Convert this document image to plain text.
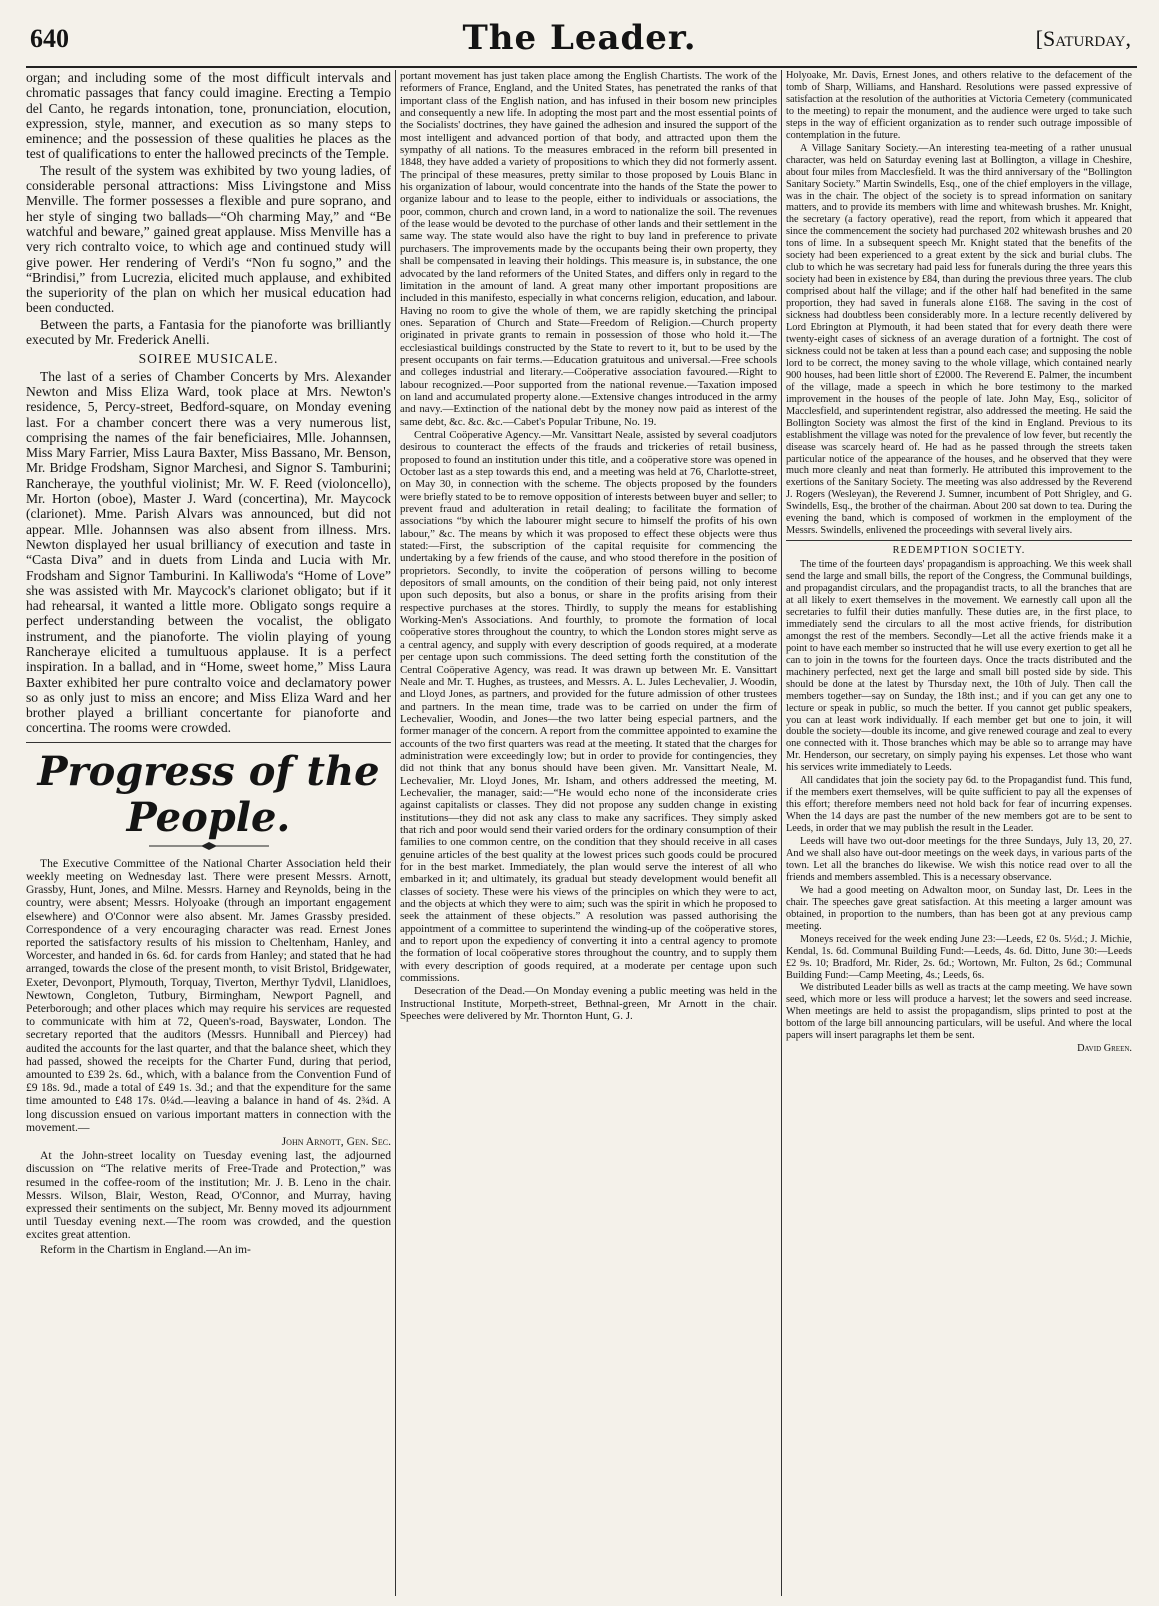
640	The Leader.	[Saturday,

organ; and including some of the most difficult intervals and chromatic passages that fancy could imagine. Erecting a Tempio del Canto, he regards intonation, tone, pronunciation, elocution, expression, style, manner, and execution as so many steps to eminence; and the possession of these qualities he places as the test of qualifications to enter the hallowed precincts of the Temple.

The result of the system was exhibited by two young ladies, of considerable personal attractions: Miss Livingstone and Miss Menville. The former possesses a flexible and pure soprano, and her style of singing two ballads—“Oh charming May,” and “Be watchful and beware,” gained great applause. Miss Menville has a very rich contralto voice, to which age and continued study will give power. Her rendering of Verdi's “Non fu sogno,” and the “Brindisi,” from Lucrezia, elicited much applause, and exhibited the superiority of the plan on which her musical education had been conducted.

Between the parts, a Fantasia for the pianoforte was brilliantly executed by Mr. Frederick Anelli.

SOIREE MUSICALE.

The last of a series of Chamber Concerts by Mrs. Alexander Newton and Miss Eliza Ward, took place at Mrs. Newton's residence, 5, Percy-street, Bedford-square, on Monday evening last. For a chamber concert there was a very numerous list, comprising the names of the fair beneficiaires, Mlle. Johannsen, Miss Mary Farrier, Miss Laura Baxter, Miss Bassano, Mr. Benson, Mr. Bridge Frodsham, Signor Marchesi, and Signor S. Tamburini; Rancheraye, the youthful violinist; Mr. W. F. Reed (violoncello), Mr. Horton (oboe), Master J. Ward (concertina), Mr. Maycock (clarionet). Mme. Parish Alvars was announced, but did not appear. Mlle. Johannsen was also absent from illness. Mrs. Newton displayed her usual brilliancy of execution and taste in “Casta Diva” and in duets from Linda and Lucia with Mr. Frodsham and Signor Tamburini. In Kalliwoda's “Home of Love” she was assisted with Mr. Maycock's clarionet obligato; but if it had rehearsal, it wanted a little more. Obligato songs require a perfect understanding between the vocalist, the obligato instrument, and the pianoforte. The violin playing of young Rancheraye elicited a tumultuous applause. It is a perfect inspiration. In a ballad, and in “Home, sweet home,” Miss Laura Baxter exhibited her pure contralto voice and declamatory power so as only just to miss an encore; and Miss Eliza Ward and her brother played a brilliant concertante for pianoforte and concertina. The rooms were crowded.

Progress of the People.

The Executive Committee of the National Charter Association held their weekly meeting on Wednesday last. There were present Messrs. Arnott, Grassby, Hunt, Jones, and Milne. Messrs. Harney and Reynolds, being in the country, were absent; Messrs. Holyoake (through an important engagement elsewhere) and O'Connor were also absent. Mr. James Grassby presided. Correspondence of a very encouraging character was read. Ernest Jones reported the satisfactory results of his mission to Cheltenham, Hanley, and Worcester, and handed in 6s. 6d. for cards from Hanley; and stated that he had arranged, towards the close of the present month, to visit Bristol, Bridgewater, Exeter, Devonport, Plymouth, Torquay, Tiverton, Merthyr Tydvil, Llanidloes, Newtown, Congleton, Tutbury, Birmingham, Newport Pagnell, and Peterborough; and other places which may require his services are requested to communicate with him at 72, Queen's-road, Bayswater, London. The secretary reported that the auditors (Messrs. Hunniball and Piercey) had audited the accounts for the last quarter, and that the balance sheet, which they had passed, showed the receipts for the Charter Fund, during that period, amounted to £39 2s. 6d., which, with a balance from the Convention Fund of £9 18s. 9d., made a total of £49 1s. 3d.; and that the expenditure for the same time amounted to £48 17s. 0¼d.—leaving a balance in hand of 4s. 2¾d. A long discussion ensued on various important matters in connection with the movement.—

John Arnott, Gen. Sec.

At the John-street locality on Tuesday evening last, the adjourned discussion on “The relative merits of Free-Trade and Protection,” was resumed in the coffee-room of the institution; Mr. J. B. Leno in the chair. Messrs. Wilson, Blair, Weston, Read, O'Connor, and Murray, having expressed their sentiments on the subject, Mr. Benny moved its adjournment until Tuesday evening next.—The room was crowded, and the question excites great attention.

Reform in the Chartism in England.—An im-

portant movement has just taken place among the English Chartists. The work of the reformers of France, England, and the United States, has penetrated the ranks of that important class of the English nation, and has infused in their bosom new principles and consequently a new life. In adopting the most part and the most essential points of the Socialists' doctrines, they have gained the adhesion and insured the support of the most intelligent and advanced portion of that body, and attracted upon them the sympathy of all nations. To the measures embraced in the reform bill presented in 1848, they have added a variety of propositions to which they did not formerly assent. The principal of these measures, pretty similar to those proposed by Louis Blanc in his organization of labour, would concentrate into the hands of the State the power to organize labour and to lease to the people, either to individuals or associations, the poor, common, church and crown land, in a word to nationalize the soil. The revenues of the lease would be devoted to the purchase of other lands and their settlement in the same way. The state would also have the right to buy land in preference to private purchasers. The improvements made by the occupants being their own property, they shall be compensated in leaving their holdings. This measure is, in substance, the one advocated by the land reformers of the United States, and differs only in regard to the limitation in the amount of land. A great many other important propositions are included in this manifesto, especially in what concerns religion, education, and labour. Having no room to give the whole of them, we are rapidly sketching the principal ones. Separation of Church and State—Freedom of Religion.—Church property originated in private grants to remain in possession of those who hold it.—The ecclesiastical buildings constructed by the State to revert to it, but to be used by the present occupants on fair terms.—Education gratuitous and universal.—Free schools and colleges industrial and literary.—Coöperative association favoured.—Right to labour recognized.—Poor supported from the national revenue.—Taxation imposed on land and accumulated property alone.—Extensive changes introduced in the army and navy.—Extinction of the national debt by the money now paid as interest of the same debt, &c. &c. &c.—Cabet's Popular Tribune, No. 19.

Central Coöperative Agency.—Mr. Vansittart Neale, assisted by several coadjutors desirous to counteract the effects of the frauds and trickeries of retail business, proposed to found an institution under this title, and a coöperative store was opened in October last as a step towards this end, and a meeting was held at 76, Charlotte-street, on May 30, in connection with the scheme. The objects proposed by the founders were briefly stated to be to remove opposition of interests between buyer and seller; to prevent fraud and adulteration in retail dealing; to facilitate the formation of associations “by which the labourer might secure to himself the profits of his own labour,” &c. The means by which it was proposed to effect these objects were thus stated:—First, the subscription of the capital requisite for commencing the undertaking by a few friends of the cause, and who stood therefore in the position of proprietors. Secondly, to invite the coöperation of persons willing to become depositors of small amounts, on the condition of their being paid, not only interest upon such deposits, but also a bonus, or share in the profits arising from their respective purchases at the stores. Thirdly, to supply the means for establishing Working-Men's Associations. And fourthly, to promote the formation of local coöperative stores throughout the country, to which the London stores might serve as a central agency, and supply with every description of goods required, at a moderate per centage upon such commissions. The deed setting forth the constitution of the Central Coöperative Agency, was read. It was drawn up between Mr. E. Vansittart Neale and Mr. T. Hughes, as trustees, and Messrs. A. L. Jules Lechevalier, J. Woodin, and Lloyd Jones, as partners, and provided for the future admission of other trustees and partners. In the mean time, trade was to be carried on under the firm of Lechevalier, Woodin, and Jones—the two latter being especial partners, and the former manager of the concern. A report from the committee appointed to examine the accounts of the two first quarters was read at the meeting. It stated that the charges for administration were exceedingly low; but in order to provide for contingencies, they did not think that any bonus should have been given. Mr. Vansittart Neale, M. Lechevalier, Mr. Lloyd Jones, Mr. Isham, and others addressed the meeting, M. Lechevalier, the manager, said:—“He would echo none of the inconsiderate cries against capitalists or classes. They did not propose any sudden change in existing institutions—they did not ask any class to make any sacrifices. They simply asked that rich and poor would send their varied orders for the ordinary consumption of their families to one common centre, on the condition that they should receive in all cases genuine articles of the best quality at the lowest prices such goods could be procured for in the best market. Immediately, the plan would serve the interest of all who embarked in it; and ultimately, its gradual but steady development would benefit all classes of society. These were his views of the principles on which they were to act, and the objects at which they were to aim; such was the spirit in which he proposed to seek the attainment of these objects.” A resolution was passed authorising the appointment of a committee to superintend the winding-up of the coöperative stores, and to report upon the expediency of converting it into a central agency to promote the formation of local coöperative stores throughout the country, and to supply them with every description of goods required, at a moderate per centage upon such commissions.

Desecration of the Dead.—On Monday evening a public meeting was held in the Instructional Institute, Morpeth-street, Bethnal-green, Mr Arnott in the chair. Speeches were delivered by Mr. Thornton Hunt, G. J.

Holyoake, Mr. Davis, Ernest Jones, and others relative to the defacement of the tomb of Sharp, Williams, and Hanshard. Resolutions were passed expressive of satisfaction at the resolution of the authorities at Victoria Cemetery (communicated to the meeting) to repair the monument, and the audience were urged to take such steps in the way of efficient organization as to render such outrage impossible of contemplation in the future.

A Village Sanitary Society.—An interesting tea-meeting of a rather unusual character, was held on Saturday evening last at Bollington, a village in Cheshire, about four miles from Macclesfield. It was the third anniversary of the “Bollington Sanitary Society.” Martin Swindells, Esq., one of the chief employers in the village, was in the chair. The object of the society is to spread information on sanitary matters, and to provide its members with lime and whitewash brushes. Mr. Knight, the secretary (a factory operative), read the report, from which it appeared that since the commencement the society had purchased 202 whitewash brushes and 20 tons of lime. In a subsequent speech Mr. Knight stated that the benefits of the society had been experienced to a great extent by the sick and burial clubs. The club to which he was secretary had paid less for funerals during the three years this society had been in existence by £84, than during the previous three years. The club comprised about half the village; and if the other half had benefited in the same proportion, they had saved in funerals alone £168. The saving in the cost of sickness had doubtless been considerably more. In a lecture recently delivered by Lord Ebrington at Plymouth, it had been stated that for every death there were twenty-eight cases of sickness of an average duration of a fortnight. The cost of sickness could not be taken at less than a pound each case; and supposing the noble lord to be correct, the money saving to the whole village, which contained nearly 900 houses, had been little short of £2000. The Reverend E. Palmer, the incumbent of the village, made a speech in which he bore testimony to the marked improvement in the houses of the people of late. John May, Esq., solicitor of Macclesfield, and superintendent registrar, also addressed the meeting. He said the Bollington Society was almost the first of the kind in England. Previous to its establishment the village was noted for the prevalence of low fever, but recently the disease was scarcely heard of. He had as he passed through the streets taken particular notice of the appearance of the houses, and he observed that they were much more cleanly and neat than formerly. He attributed this improvement to the exertions of the Sanitary Society. The meeting was also addressed by the Reverend J. Rogers (Wesleyan), the Reverend J. Sumner, incumbent of Pott Shrigley, and G. Swindells, Esq., the brother of the chairman. About 200 sat down to tea. During the evening the band, which is composed of workmen in the employment of the Messrs. Swindells, enlivened the proceedings with several lively airs.

REDEMPTION SOCIETY.

The time of the fourteen days' propagandism is approaching. We this week shall send the large and small bills, the report of the Congress, the Communal buildings, and propagandist circulars, and the propagandist tracts, to all the branches that are at all likely to exert themselves in the movement. We earnestly call upon all the secretaries to fulfil their duties manfully. These duties are, in the first place, to immediately send the circulars to all the most active friends, for distribution amongst the rest of the members. Secondly—Let all the active friends make it a point to have each member so instructed that he will use every exertion to get all he can to join in the towns for the fourteen days. Once the tracts distributed and the machinery perfected, next get the large and small bill posted side by side. This should be done at the latest by Thursday next, the 10th of July. Then call the members together—say on Sunday, the 18th inst.; and if you can get any one to lecture or speak in public, so much the better. If you cannot get public speakers, you can at least work individually. If each member get but one to join, it will double the society—double its income, and give renewed courage and zeal to every one connected with it. Those branches which may be able so to arrange may have Mr. Henderson, our secretary, on simply paying his expenses. Let those who want his services write immediately to Leeds.

All candidates that join the society pay 6d. to the Propagandist fund. This fund, if the members exert themselves, will be quite sufficient to pay all the expenses of this effort; therefore members need not hold back for fear of incurring expenses. When the 14 days are past the number of the new members got are to be sent to Leeds, in order that we may publish the result in the Leader.

Leeds will have two out-door meetings for the three Sundays, July 13, 20, 27. And we shall also have out-door meetings on the week days, in various parts of the town. Let all the branches do likewise. We wish this notice read over to all the friends and members assembled. This is a necessary observance.

We had a good meeting on Adwalton moor, on Sunday last, Dr. Lees in the chair. The speeches gave great satisfaction. At this meeting a larger amount was obtained, in proportion to the numbers, than has been got at any previous camp meeting.

Moneys received for the week ending June 23:—Leeds, £2 0s. 5½d.; J. Michie, Kendal, 1s. 6d. Communal Building Fund:—Leeds, 4s. 6d. Ditto, June 30:—Leeds £2 9s. 10; Bradford, Mr. Rider, 2s. 6d.; Wortown, Mr. Fulton, 2s 6d.; Communal Building Fund:—Camp Meeting, 4s.; Leeds, 6s.

We distributed Leader bills as well as tracts at the camp meeting. We have sown seed, which more or less will produce a harvest; let the sowers and seed increase. When meetings are held to assist the propagandism, slips printed to post at the bottom of the large bill announcing particulars, will be useful. And where the local papers will insert paragraphs let them be sent.

David Green.
